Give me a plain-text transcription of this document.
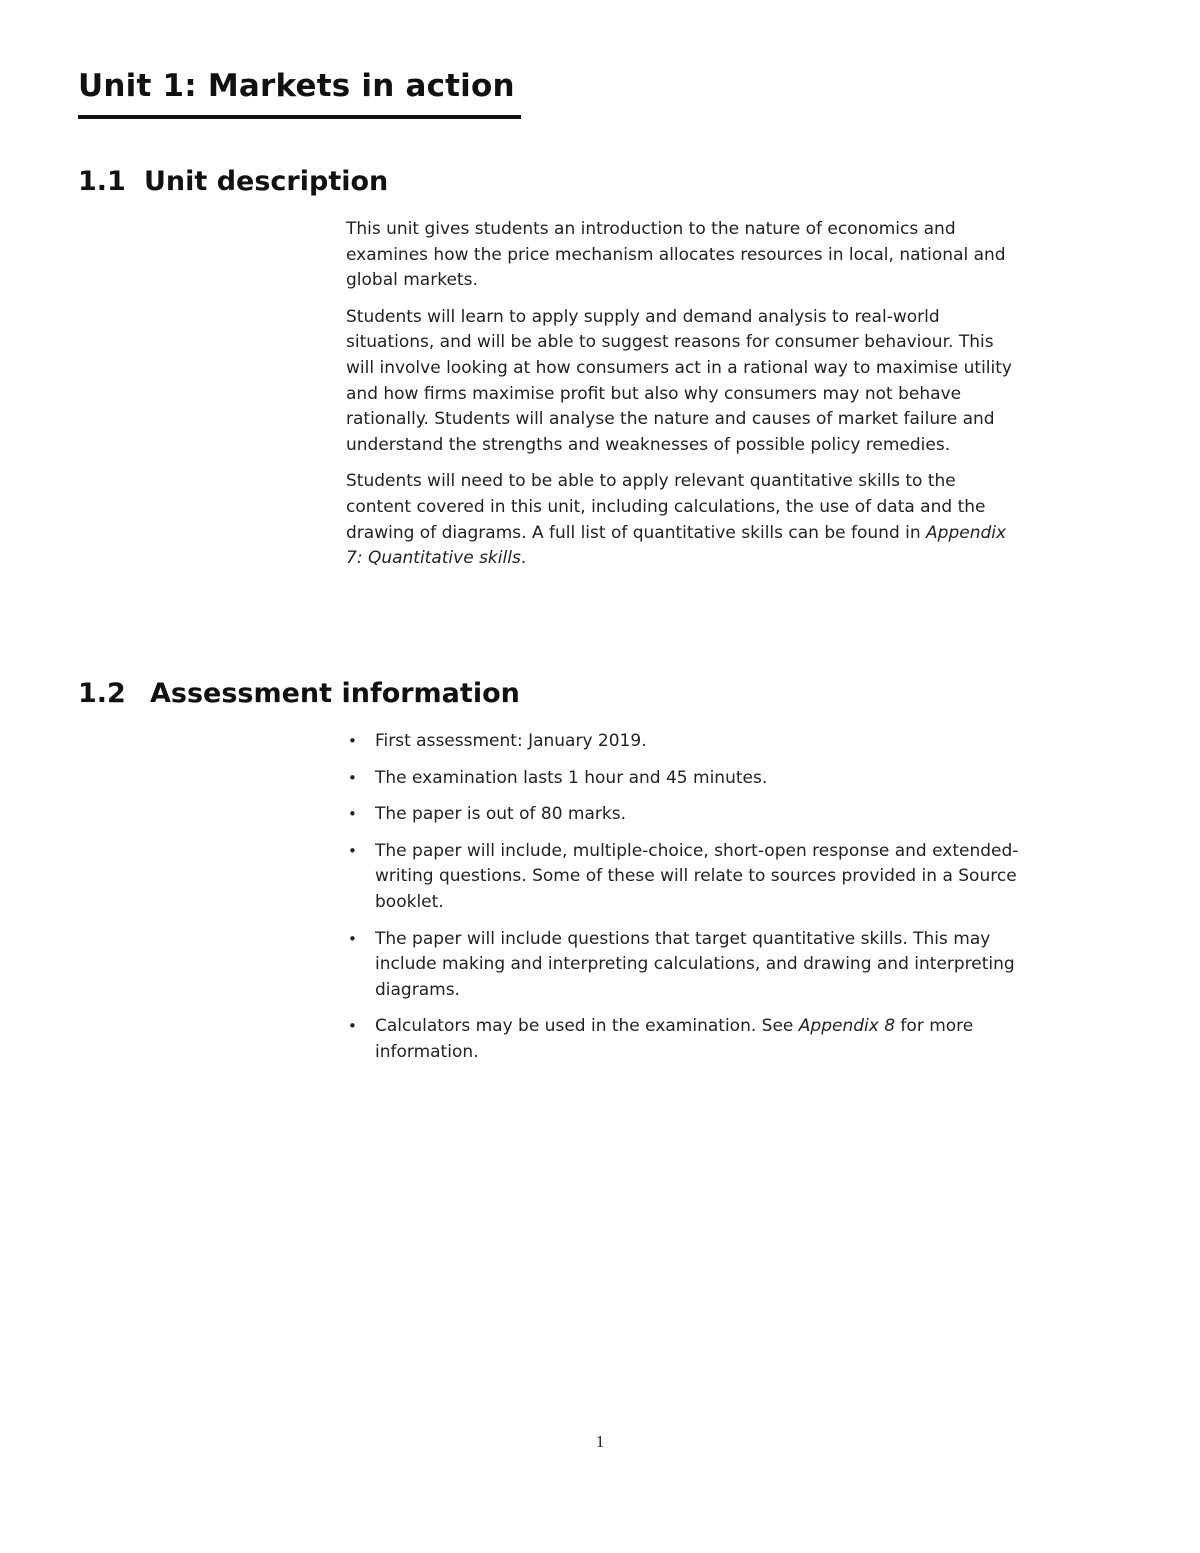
Unit 1: Markets in action
1.1 Unit description

This unit gives students an introduction to the nature of economics and examines how the price mechanism allocates resources in local, national and global markets.

Students will learn to apply supply and demand analysis to real-world situations, and will be able to suggest reasons for consumer behaviour. This will involve looking at how consumers act in a rational way to maximise utility and how firms maximise profit but also why consumers may not behave rationally. Students will analyse the nature and causes of market failure and understand the strengths and weaknesses of possible policy remedies.

Students will need to be able to apply relevant quantitative skills to the content covered in this unit, including calculations, the use of data and the drawing of diagrams. A full list of quantitative skills can be found in Appendix 7: Quantitative skills.

1.2 Assessment information
• First assessment: January 2019.
• The examination lasts 1 hour and 45 minutes.
• The paper is out of 80 marks.
• The paper will include, multiple-choice, short-open response and extended-writing questions. Some of these will relate to sources provided in a Source booklet.
• The paper will include questions that target quantitative skills. This may include making and interpreting calculations, and drawing and interpreting diagrams.
• Calculators may be used in the examination. See Appendix 8 for more information.
1
